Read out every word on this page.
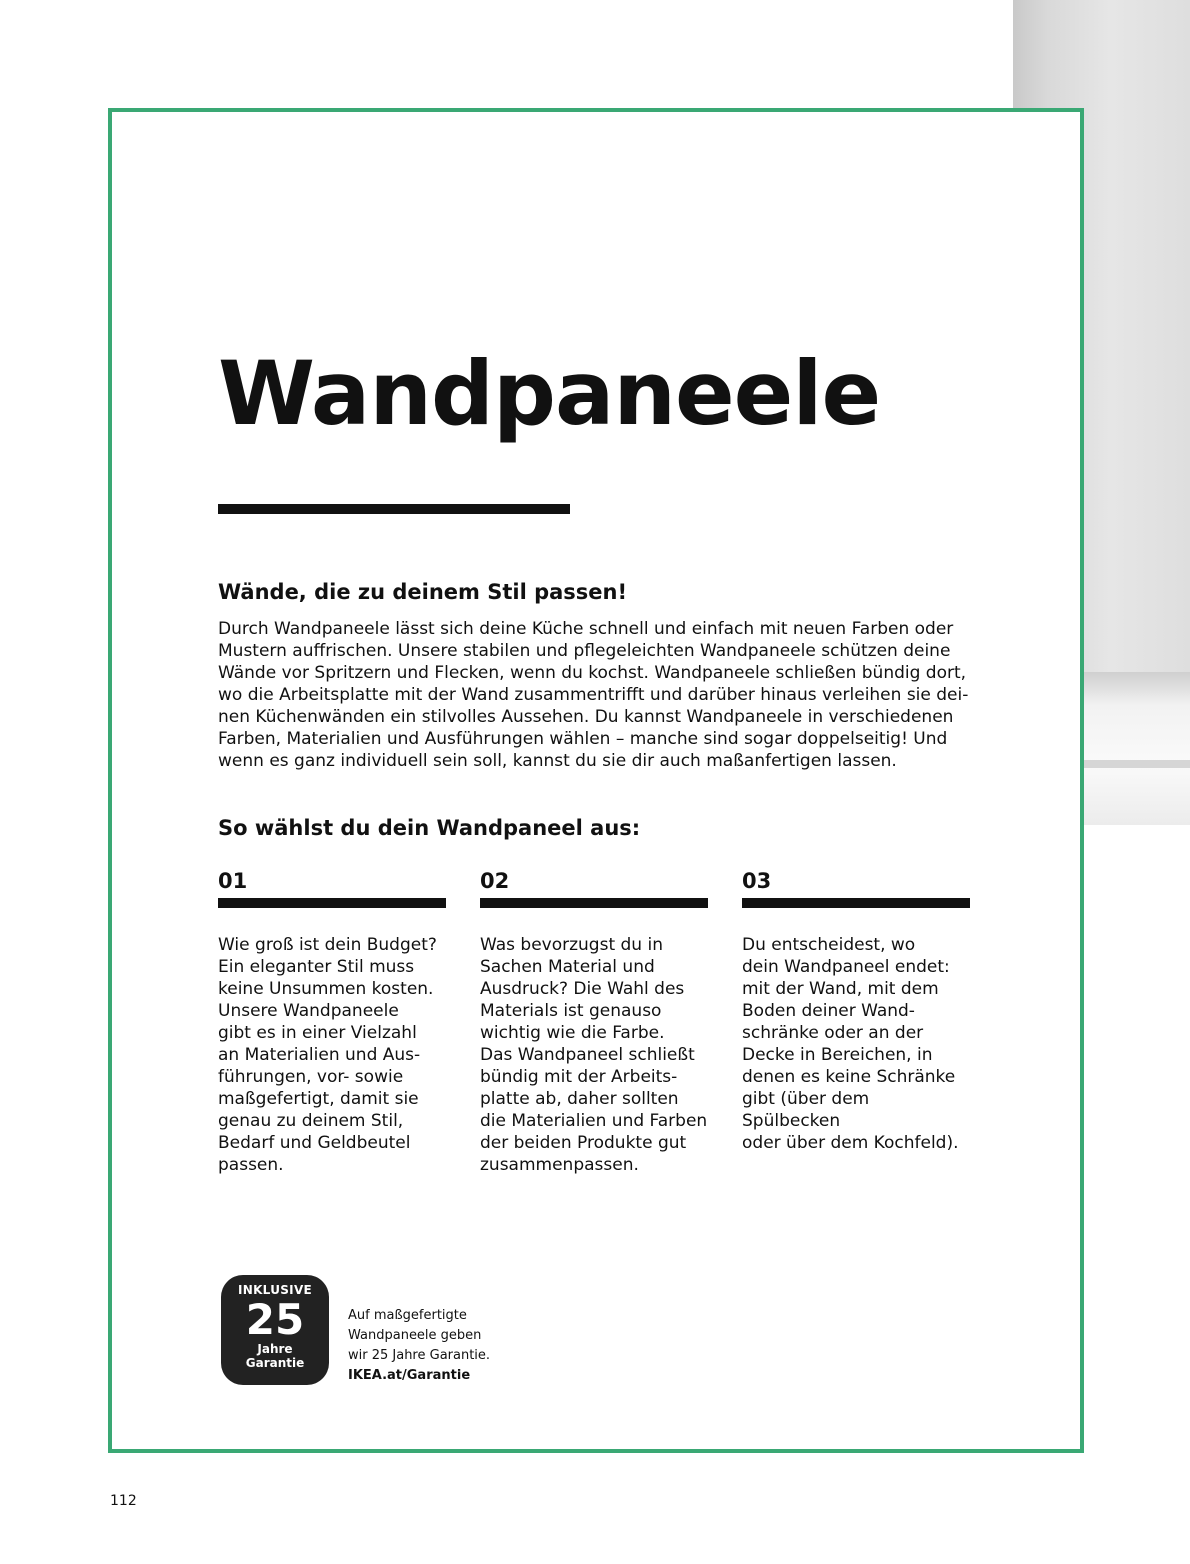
Wandpaneele
Wände, die zu deinem Stil passen!

Durch Wandpaneele lässt sich deine Küche schnell und einfach mit neuen Farben oder Mustern auffrischen. Unsere stabilen und pflegeleichten Wandpaneele schützen deine Wände vor Spritzern und Flecken, wenn du kochst. Wandpaneele schließen bündig dort, wo die Arbeitsplatte mit der Wand zusammentrifft und darüber hinaus verleihen sie dei-nen Küchenwänden ein stilvolles Aussehen. Du kannst Wandpaneele in verschiedenen Farben, Materialien und Ausführungen wählen – manche sind sogar doppelseitig! Und wenn es ganz individuell sein soll, kannst du sie dir auch maßanfertigen lassen.

So wählst du dein Wandpaneel aus:
01

Wie groß ist dein Budget?
Ein eleganter Stil muss
keine Unsummen kosten.
Unsere Wandpaneele
gibt es in einer Vielzahl
an Materialien und Aus-
führungen, vor- sowie
maßgefertigt, damit sie
genau zu deinem Stil,
Bedarf und Geldbeutel
passen.

02

Was bevorzugst du in
Sachen Material und
Ausdruck? Die Wahl des
Materials ist genauso
wichtig wie die Farbe.
Das Wandpaneel schließt
bündig mit der Arbeits-
platte ab, daher sollten
die Materialien und Farben
der beiden Produkte gut
zusammenpassen.

03

Du entscheidest, wo
dein Wandpaneel endet:
mit der Wand, mit dem
Boden deiner Wand-
schränke oder an der
Decke in Bereichen, in
denen es keine Schränke
gibt (über dem Spülbecken
oder über dem Kochfeld).

INKLUSIVE
25
Jahre
Garantie

Auf maßgefertigte
Wandpaneele geben
wir 25 Jahre Garantie.

IKEA.at/Garantie

112
